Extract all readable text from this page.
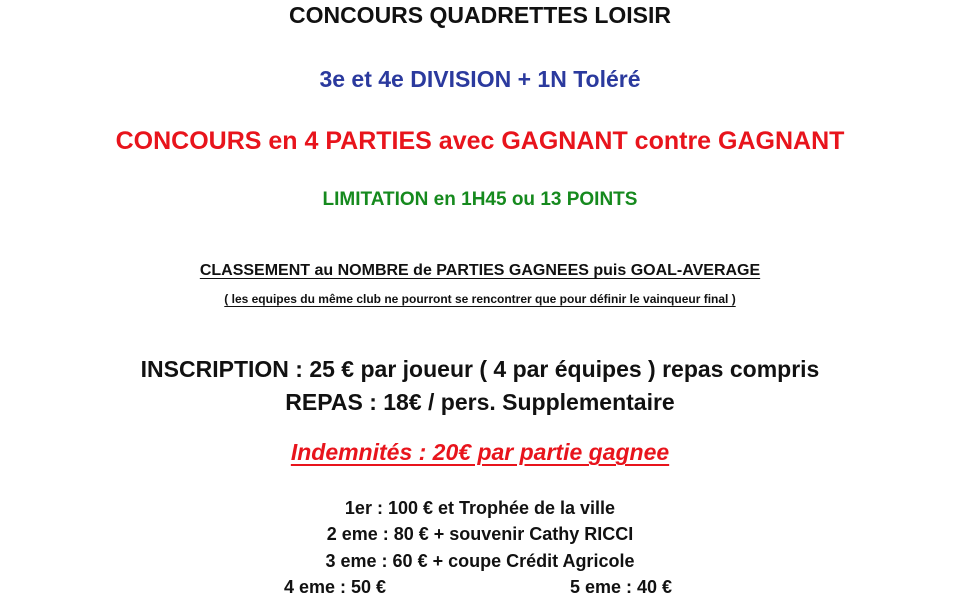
CONCOURS QUADRETTES LOISIR
3e et 4e DIVISION + 1N Toléré
CONCOURS en 4 PARTIES avec GAGNANT contre GAGNANT
LIMITATION en 1H45 ou 13 POINTS
CLASSEMENT au NOMBRE de PARTIES GAGNEES puis GOAL-AVERAGE
( les equipes du même club ne pourront se rencontrer que pour définir le vainqueur final )
INSCRIPTION : 25 € par joueur ( 4 par équipes ) repas compris
REPAS : 18€ / pers. Supplementaire
Indemnités : 20€ par partie gagnee
1er : 100 € et Trophée de la ville
2 eme : 80 € + souvenir Cathy RICCI
3 eme : 60 € + coupe Crédit Agricole
4 eme : 50 €	5 eme : 40 €
